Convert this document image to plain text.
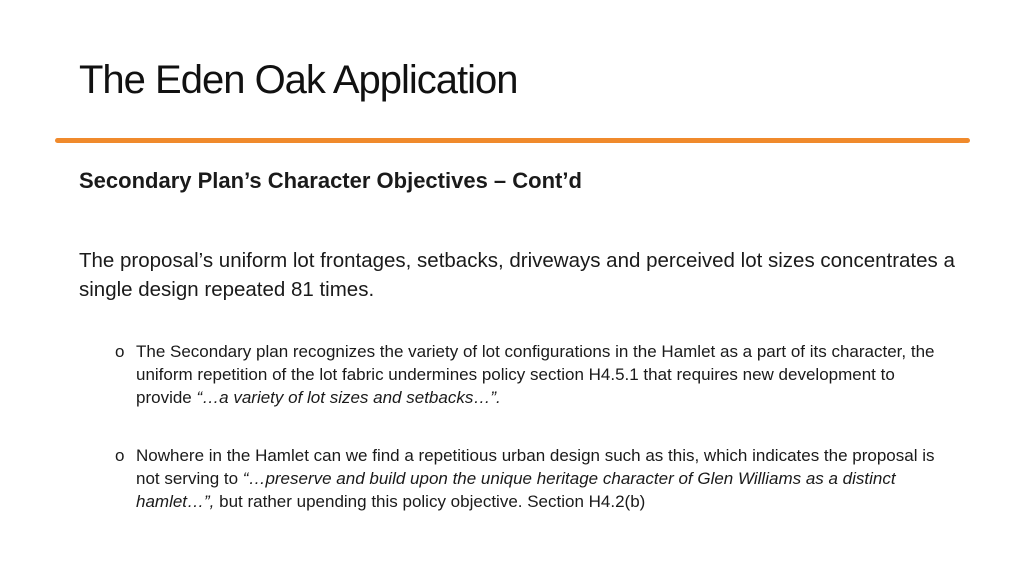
The Eden Oak Application
Secondary Plan’s Character Objectives – Cont’d
The proposal’s uniform lot frontages, setbacks, driveways and perceived lot sizes concentrates a single design repeated 81 times.
o The Secondary plan recognizes the variety of lot configurations in the Hamlet as a part of its character, the uniform repetition of the lot fabric undermines policy section H4.5.1 that requires new development to provide “…a variety of lot sizes and setbacks…”.
o Nowhere in the Hamlet can we find a repetitious urban design such as this, which indicates the proposal is not serving to “…preserve and build upon the unique heritage character of Glen Williams as a distinct hamlet…”, but rather upending this policy objective. Section H4.2(b)
